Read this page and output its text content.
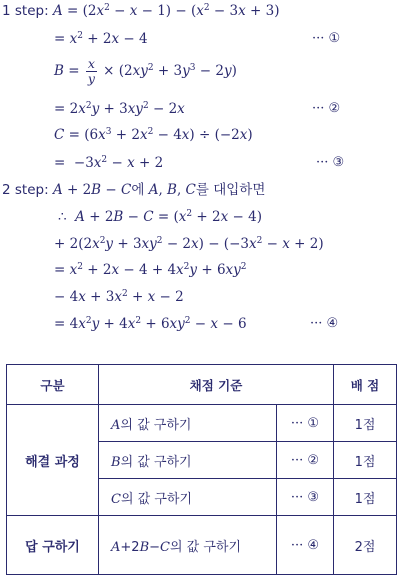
1 step: $A = (2x^2 - x - 1) - (x^2 - 3x + 3)$
= $x^2 + 2x - 4$	··· ①
$B = \frac{x}{y} \times (2xy^2 + 3y^3 - 2y)$
= $2x^2y + 3xy^2 - 2x$	··· ②
$C = (6x^3 + 2x^2 - 4x) \div (-2x)$
=  $-3x^2 - x + 2$	··· ③
2 step: A + 2B − C에 A, B, C를 대입하면
∴  $A + 2B - C = (x^2 + 2x - 4)$
+ $2(2x^2y + 3xy^2 - 2x) - (-3x^2 - x + 2)$
= $x^2 + 2x - 4 + 4x^2y + 6xy^2$
− $4x + 3x^2 + x - 2$
= $4x^2y + 4x^2 + 6xy^2 - x - 6$	··· ④
구분	채점 기준		배 점
해결 과정	A의 값 구하기	··· ①	1점
	B의 값 구하기	··· ②	1점
	C의 값 구하기	··· ③	1점
답 구하기	A+2B−C의 값 구하기	··· ④	2점
